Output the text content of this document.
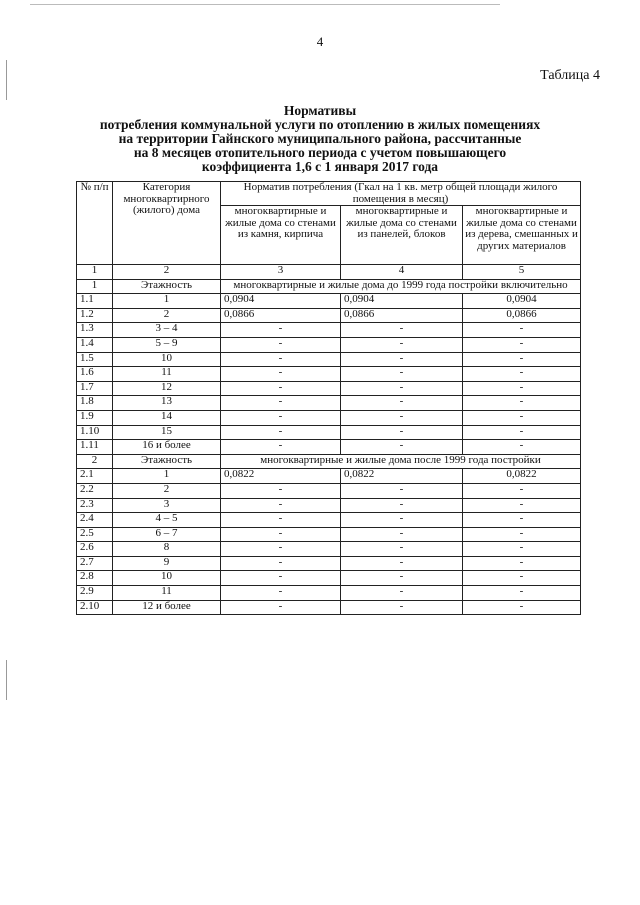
4
Таблица 4
Нормативы
потребления коммунальной услуги по отоплению в жилых помещениях
на территории Гайнского муниципального района, рассчитанные
на 8 месяцев отопительного периода с учетом повышающего
коэффициента 1,6 с 1 января 2017 года
№ п/п	Категория многоквартирного (жилого) дома	Норматив потребления (Гкал на 1 кв. метр общей площади жилого помещения в месяц)		
		многоквартирные и жилые дома со стенами из камня, кирпича	многоквартирные и жилые дома со стенами из панелей, блоков	многоквартирные и жилые дома со стенами из дерева, смешанных и других материалов
1	2	3	4	5
1	Этажность	многоквартирные и жилые дома до 1999 года постройки включительно		
1.1	1	0,0904	0,0904	0,0904
1.2	2	0,0866	0,0866	0,0866
1.3	3 – 4	-	-	-
1.4	5 – 9	-	-	-
1.5	10	-	-	-
1.6	11	-	-	-
1.7	12	-	-	-
1.8	13	-	-	-
1.9	14	-	-	-
1.10	15	-	-	-
1.11	16 и более	-	-	-
2	Этажность	многоквартирные и жилые дома после 1999 года постройки		
2.1	1	0,0822	0,0822	0,0822
2.2	2	-	-	-
2.3	3	-	-	-
2.4	4 – 5	-	-	-
2.5	6 – 7	-	-	-
2.6	8	-	-	-
2.7	9	-	-	-
2.8	10	-	-	-
2.9	11	-	-	-
2.10	12 и более	-	-	-
